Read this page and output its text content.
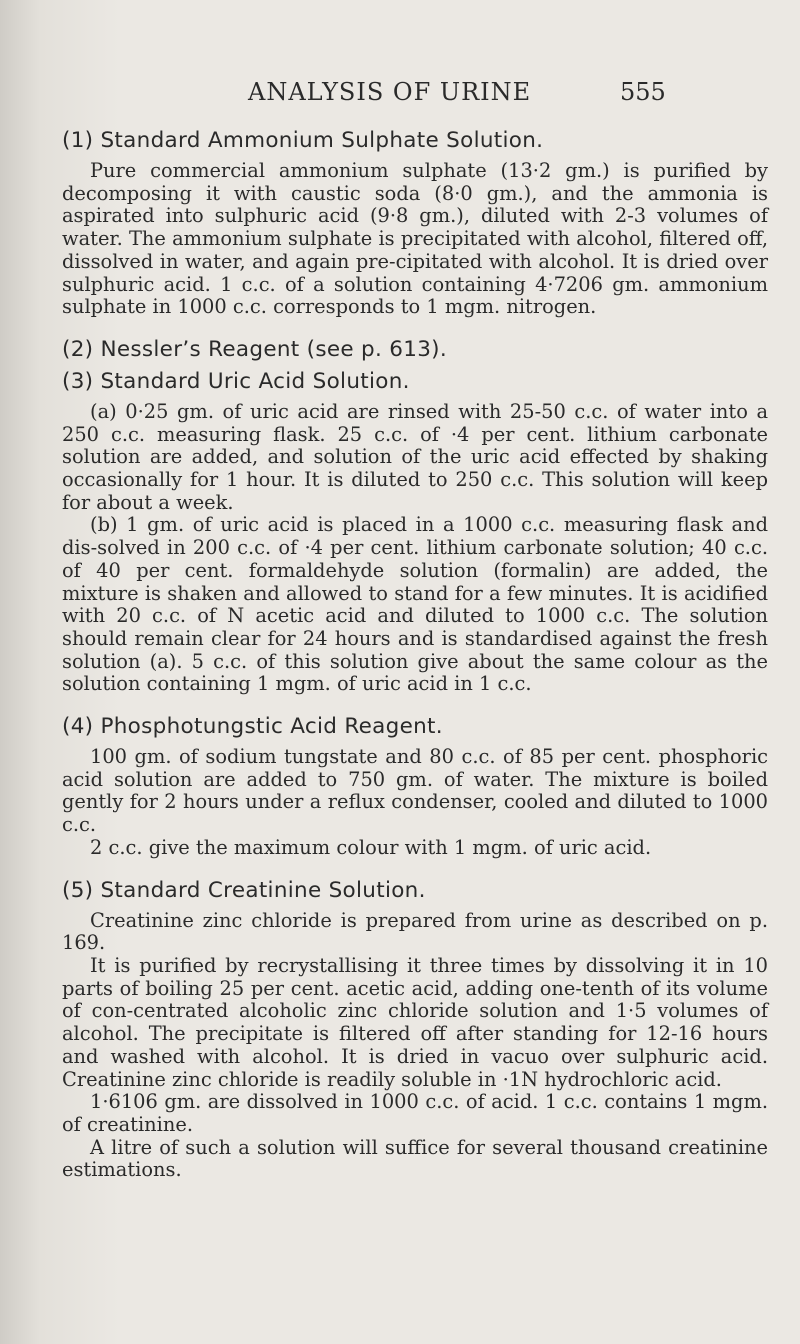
ANALYSIS OF URINE	555
(1) Standard Ammonium Sulphate Solution.

Pure commercial ammonium sulphate (13·2 gm.) is purified by decomposing it with caustic soda (8·0 gm.), and the ammonia is aspirated into sulphuric acid (9·8 gm.), diluted with 2-3 volumes of water. The ammonium sulphate is precipitated with alcohol, filtered off, dissolved in water, and again pre-cipitated with alcohol. It is dried over sulphuric acid. 1 c.c. of a solution containing 4·7206 gm. ammonium sulphate in 1000 c.c. corresponds to 1 mgm. nitrogen.

(2) Nessler’s Reagent (see p. 613).
(3) Standard Uric Acid Solution.

(a) 0·25 gm. of uric acid are rinsed with 25-50 c.c. of water into a 250 c.c. measuring flask. 25 c.c. of ·4 per cent. lithium carbonate solution are added, and solution of the uric acid effected by shaking occasionally for 1 hour. It is diluted to 250 c.c. This solution will keep for about a week.

(b) 1 gm. of uric acid is placed in a 1000 c.c. measuring flask and dis-solved in 200 c.c. of ·4 per cent. lithium carbonate solution; 40 c.c. of 40 per cent. formaldehyde solution (formalin) are added, the mixture is shaken and allowed to stand for a few minutes. It is acidified with 20 c.c. of N acetic acid and diluted to 1000 c.c. The solution should remain clear for 24 hours and is standardised against the fresh solution (a). 5 c.c. of this solution give about the same colour as the solution containing 1 mgm. of uric acid in 1 c.c.

(4) Phosphotungstic Acid Reagent.

100 gm. of sodium tungstate and 80 c.c. of 85 per cent. phosphoric acid solution are added to 750 gm. of water. The mixture is boiled gently for 2 hours under a reflux condenser, cooled and diluted to 1000 c.c.

2 c.c. give the maximum colour with 1 mgm. of uric acid.

(5) Standard Creatinine Solution.

Creatinine zinc chloride is prepared from urine as described on p. 169.

It is purified by recrystallising it three times by dissolving it in 10 parts of boiling 25 per cent. acetic acid, adding one-tenth of its volume of con-centrated alcoholic zinc chloride solution and 1·5 volumes of alcohol. The precipitate is filtered off after standing for 12-16 hours and washed with alcohol. It is dried in vacuo over sulphuric acid. Creatinine zinc chloride is readily soluble in ·1N hydrochloric acid.

1·6106 gm. are dissolved in 1000 c.c. of acid. 1 c.c. contains 1 mgm. of creatinine.

A litre of such a solution will suffice for several thousand creatinine estimations.
